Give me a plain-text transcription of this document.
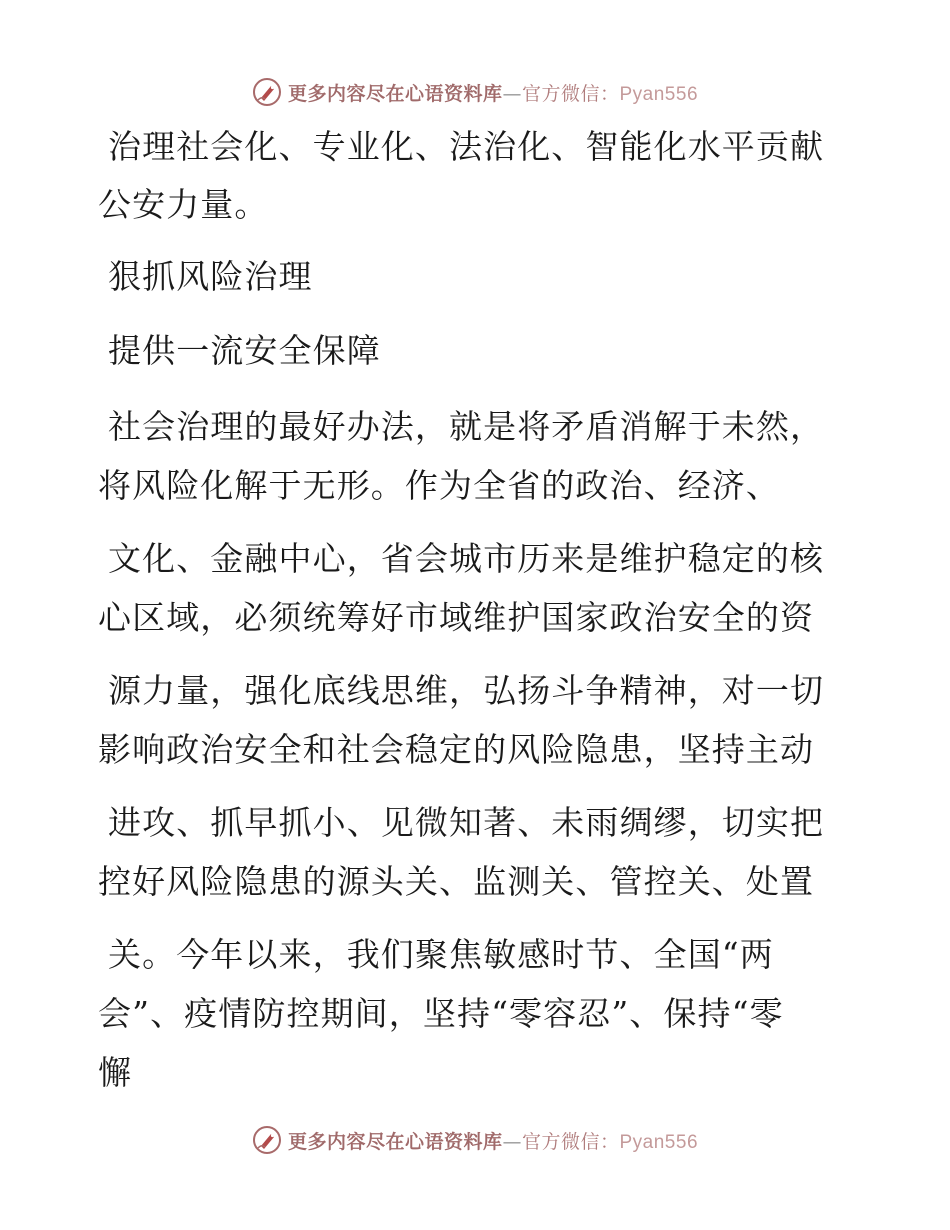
更多内容尽在心语资料库—官方微信：Pyan556
治理社会化、专业化、法治化、智能化水平贡献
公安力量。
狠抓风险治理
提供一流安全保障
社会治理的最好办法，就是将矛盾消解于未然，
将风险化解于无形。作为全省的政治、经济、
文化、金融中心，省会城市历来是维护稳定的核
心区域，必须统筹好市域维护国家政治安全的资
源力量，强化底线思维，弘扬斗争精神，对一切
影响政治安全和社会稳定的风险隐患，坚持主动
进攻、抓早抓小、见微知著、未雨绸缪，切实把
控好风险隐患的源头关、监测关、管控关、处置
关。今年以来，我们聚焦敏感时节、全国“两
会”、疫情防控期间，坚持“零容忍”、保持“零
懈
更多内容尽在心语资料库—官方微信：Pyan556
